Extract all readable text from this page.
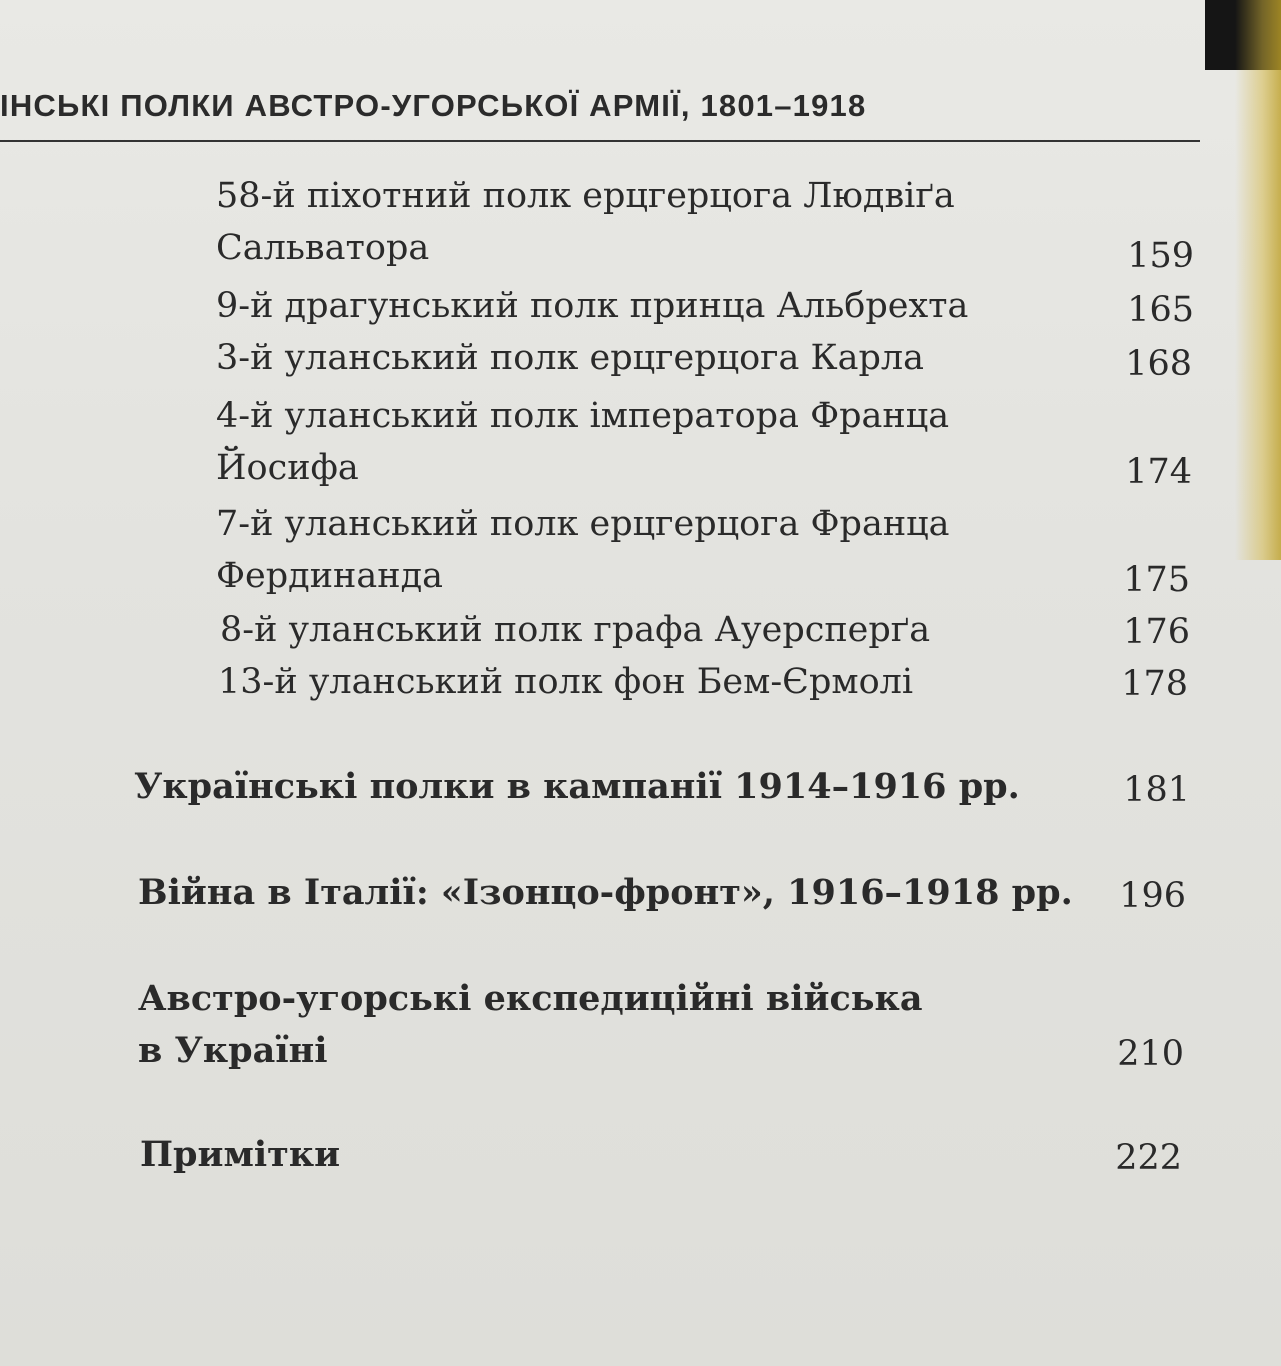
ІНСЬКІ ПОЛКИ АВСТРО-УГОРСЬКОЇ АРМІЇ, 1801–1918
58-й піхотний полк ерцгерцога Людвіґа
Сальватора	159
9-й драгунський полк принца Альбрехта	165
3-й уланський полк ерцгерцога Карла	168
4-й уланський полк імператора Франца
Йосифа	174
7-й уланський полк ерцгерцога Франца
Фердинанда	175
8-й уланський полк графа Ауерсперґа	176
13-й уланський полк фон Бем-Єрмолі	178
Українські полки в кампанії 1914–1916 рр.	181
Війна в Італії: «Ізонцо-фронт», 1916–1918 рр.	196
Австро-угорські експедиційні війська
в Україні	210
Примітки	222
